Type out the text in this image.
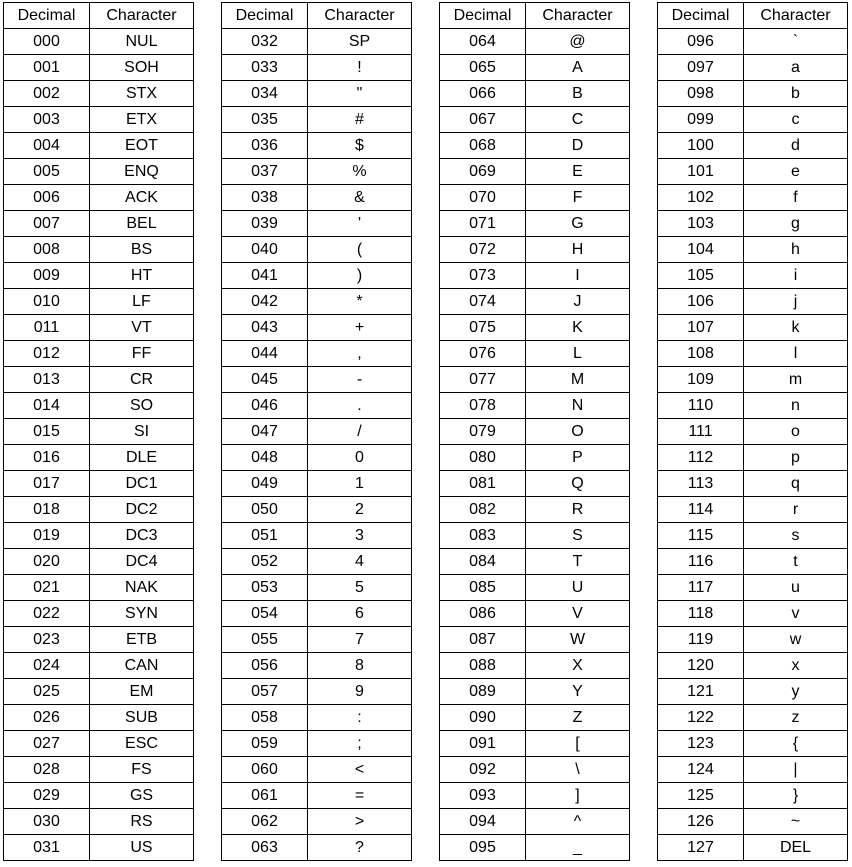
Decimal	Character
000	NUL
001	SOH
002	STX
003	ETX
004	EOT
005	ENQ
006	ACK
007	BEL
008	BS
009	HT
010	LF
011	VT
012	FF
013	CR
014	SO
015	SI
016	DLE
017	DC1
018	DC2
019	DC3
020	DC4
021	NAK
022	SYN
023	ETB
024	CAN
025	EM
026	SUB
027	ESC
028	FS
029	GS
030	RS
031	US
Decimal	Character
032	SP
033	!
034	"
035	#
036	$
037	%
038	&
039	'
040	(
041	)
042	*
043	+
044	,
045	-
046	.
047	/
048	0
049	1
050	2
051	3
052	4
053	5
054	6
055	7
056	8
057	9
058	:
059	;
060	<
061	=
062	>
063	?
Decimal	Character
064	@
065	A
066	B
067	C
068	D
069	E
070	F
071	G
072	H
073	I
074	J
075	K
076	L
077	M
078	N
079	O
080	P
081	Q
082	R
083	S
084	T
085	U
086	V
087	W
088	X
089	Y
090	Z
091	[
092	\
093	]
094	^
095	_
Decimal	Character
096	`
097	a
098	b
099	c
100	d
101	e
102	f
103	g
104	h
105	i
106	j
107	k
108	l
109	m
110	n
111	o
112	p
113	q
114	r
115	s
116	t
117	u
118	v
119	w
120	x
121	y
122	z
123	{
124	|
125	}
126	~
127	DEL
